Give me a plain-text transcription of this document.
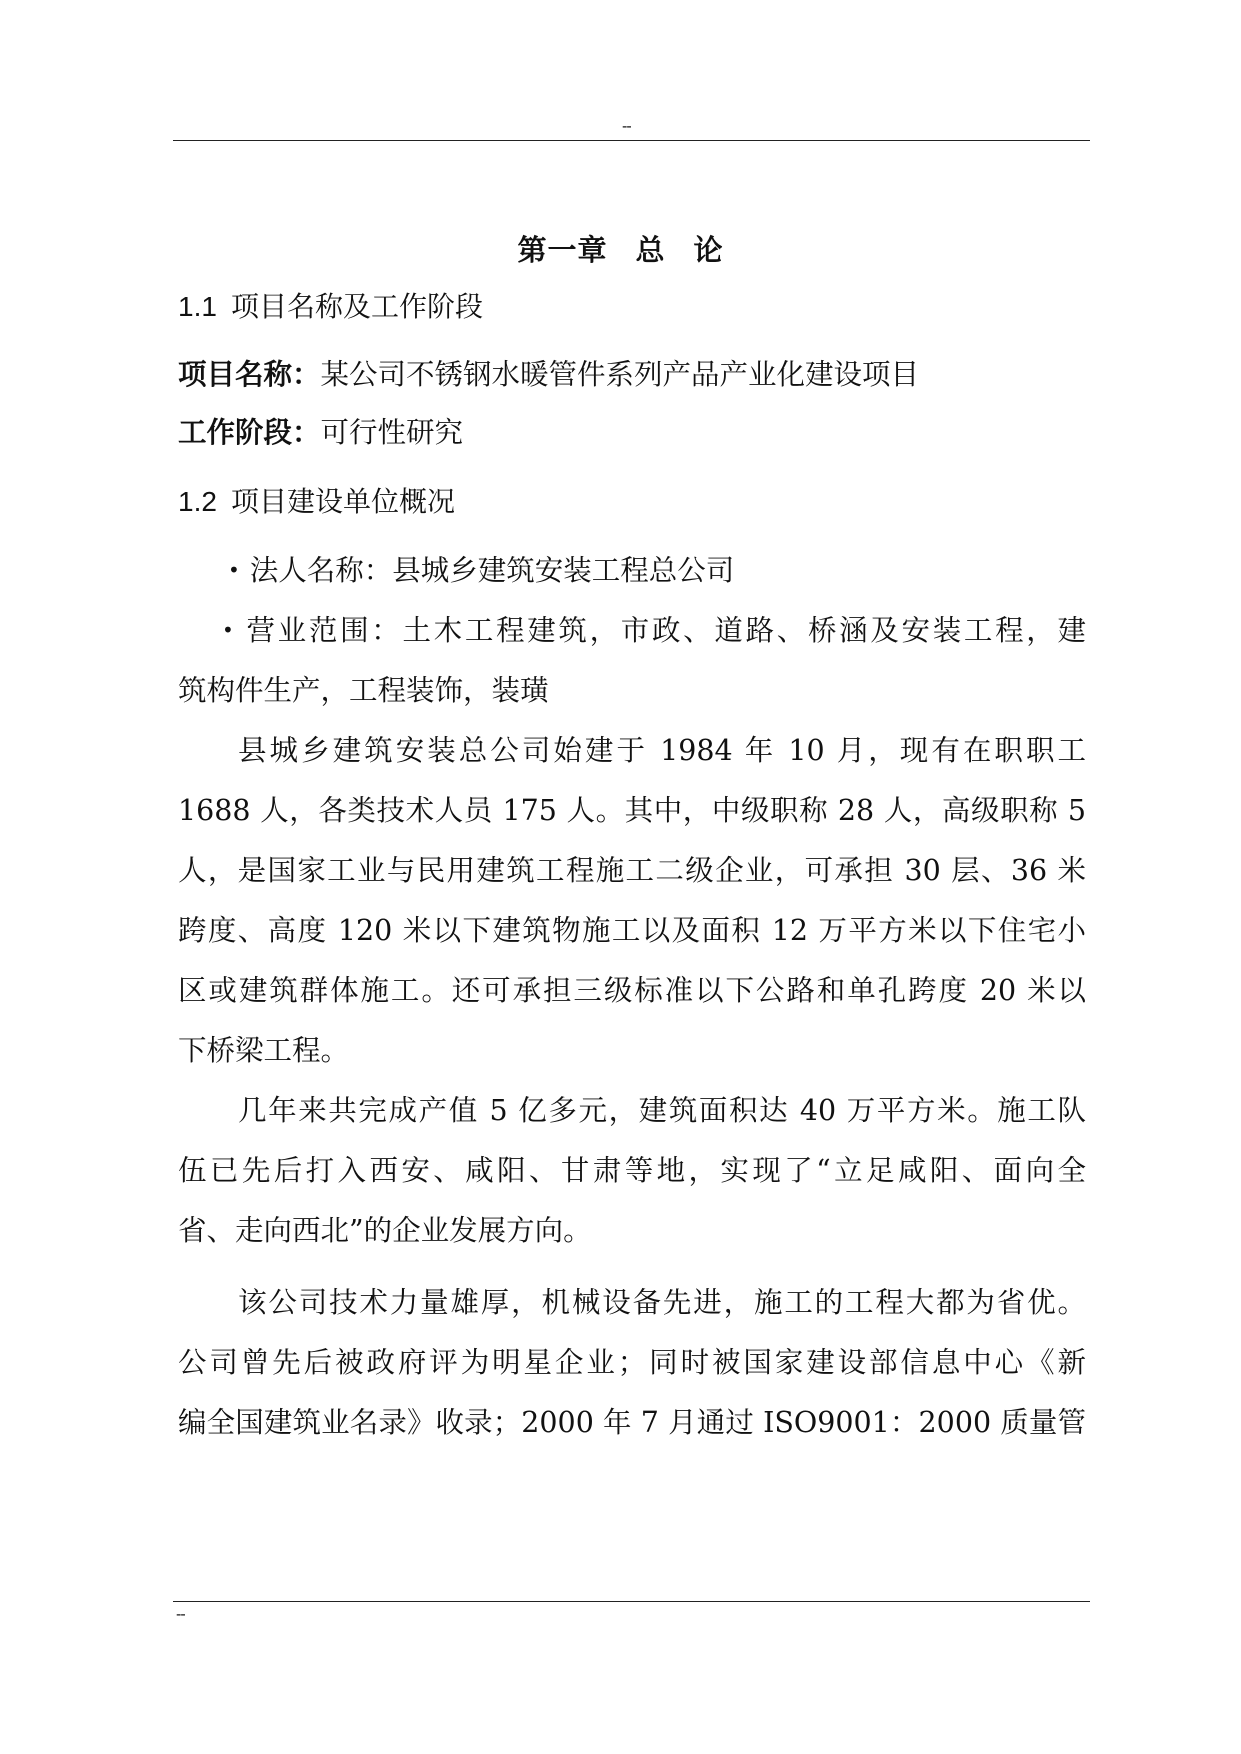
--
第一章 总 论
1.1 项目名称及工作阶段
项目名称：某公司不锈钢水暖管件系列产品产业化建设项目
工作阶段：可行性研究
1.2 项目建设单位概况
• 法人名称：县城乡建筑安装工程总公司
• 营业范围：土木工程建筑，市政、道路、桥涵及安装工程，建
筑构件生产，工程装饰，装璜
县城乡建筑安装总公司始建于 1984 年 10 月，现有在职职工
1688 人，各类技术人员 175 人。其中，中级职称 28 人，高级职称 5
人，是国家工业与民用建筑工程施工二级企业，可承担 30 层、36 米
跨度、高度 120 米以下建筑物施工以及面积 12 万平方米以下住宅小
区或建筑群体施工。还可承担三级标准以下公路和单孔跨度 20 米以
下桥梁工程。
几年来共完成产值 5 亿多元，建筑面积达 40 万平方米。施工队
伍已先后打入西安、咸阳、甘肃等地，实现了“立足咸阳、面向全
省、走向西北”的企业发展方向。
该公司技术力量雄厚，机械设备先进，施工的工程大都为省优。
公司曾先后被政府评为明星企业；同时被国家建设部信息中心《新
编全国建筑业名录》收录；2000 年 7 月通过 ISO9001：2000 质量管
--
